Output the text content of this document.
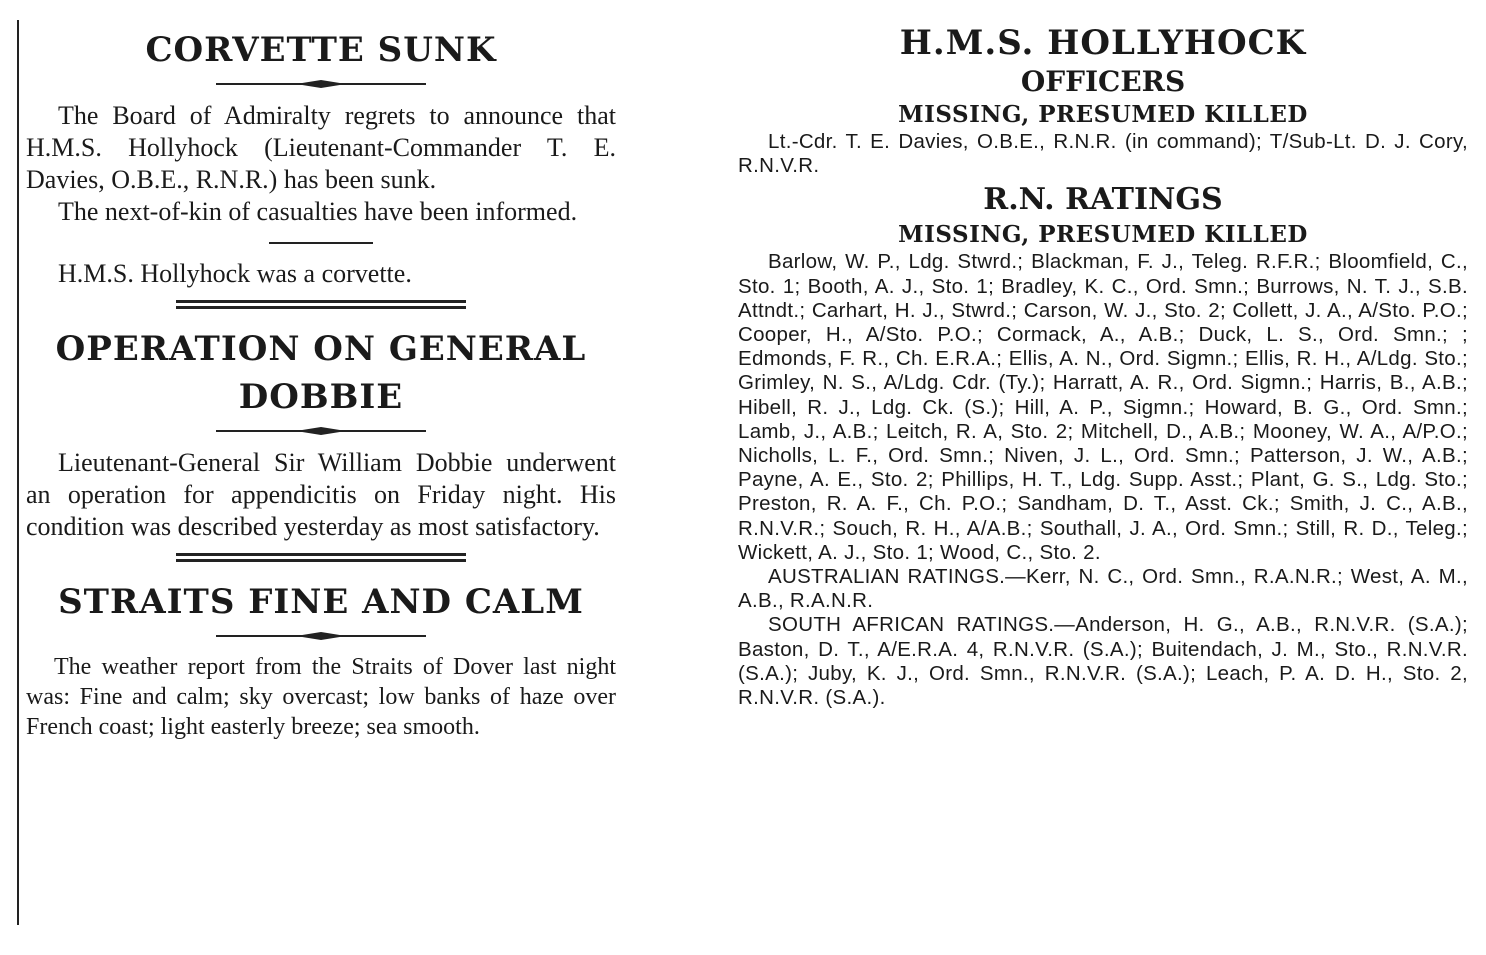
CORVETTE SUNK

The Board of Admiralty regrets to announce that H.M.S. Hollyhock (Lieutenant-Commander T. E. Davies, O.B.E., R.N.R.) has been sunk.

The next-of-kin of casualties have been informed.

H.M.S. Hollyhock was a corvette.

OPERATION ON GENERAL
DOBBIE

Lieutenant-General Sir William Dobbie underwent an operation for appendicitis on Friday night. His condition was described yesterday as most satisfactory.

STRAITS FINE AND CALM

The weather report from the Straits of Dover last night was: Fine and calm; sky overcast; low banks of haze over French coast; light easterly breeze; sea smooth.

H.M.S. HOLLYHOCK
OFFICERS
MISSING, PRESUMED KILLED

Lt.-Cdr. T. E. Davies, O.B.E., R.N.R. (in command); T/Sub-Lt. D. J. Cory, R.N.V.R.

R.N. RATINGS
MISSING, PRESUMED KILLED

Barlow, W. P., Ldg. Stwrd.; Blackman, F. J., Teleg. R.F.R.; Bloomfield, C., Sto. 1; Booth, A. J., Sto. 1; Bradley, K. C., Ord. Smn.; Burrows, N. T. J., S.B. Attndt.; Carhart, H. J., Stwrd.; Carson, W. J., Sto. 2; Collett, J. A., A/Sto. P.O.; Cooper, H., A/Sto. P.O.; Cormack, A., A.B.; Duck, L. S., Ord. Smn.; ; Edmonds, F. R., Ch. E.R.A.; Ellis, A. N., Ord. Sigmn.; Ellis, R. H., A/Ldg. Sto.; Grimley, N. S., A/Ldg. Cdr. (Ty.); Harratt, A. R., Ord. Sigmn.; Harris, B., A.B.; Hibell, R. J., Ldg. Ck. (S.); Hill, A. P., Sigmn.; Howard, B. G., Ord. Smn.; Lamb, J., A.B.; Leitch, R. A, Sto. 2; Mitchell, D., A.B.; Mooney, W. A., A/P.O.; Nicholls, L. F., Ord. Smn.; Niven, J. L., Ord. Smn.; Patterson, J. W., A.B.; Payne, A. E., Sto. 2; Phillips, H. T., Ldg. Supp. Asst.; Plant, G. S., Ldg. Sto.; Preston, R. A. F., Ch. P.O.; Sandham, D. T., Asst. Ck.; Smith, J. C., A.B., R.N.V.R.; Souch, R. H., A/A.B.; Southall, J. A., Ord. Smn.; Still, R. D., Teleg.; Wickett, A. J., Sto. 1; Wood, C., Sto. 2.

AUSTRALIAN RATINGS.—Kerr, N. C., Ord. Smn., R.A.N.R.; West, A. M., A.B., R.A.N.R.

SOUTH AFRICAN RATINGS.—Anderson, H. G., A.B., R.N.V.R. (S.A.); Baston, D. T., A/E.R.A. 4, R.N.V.R. (S.A.); Buitendach, J. M., Sto., R.N.V.R. (S.A.); Juby, K. J., Ord. Smn., R.N.V.R. (S.A.); Leach, P. A. D. H., Sto. 2, R.N.V.R. (S.A.).
